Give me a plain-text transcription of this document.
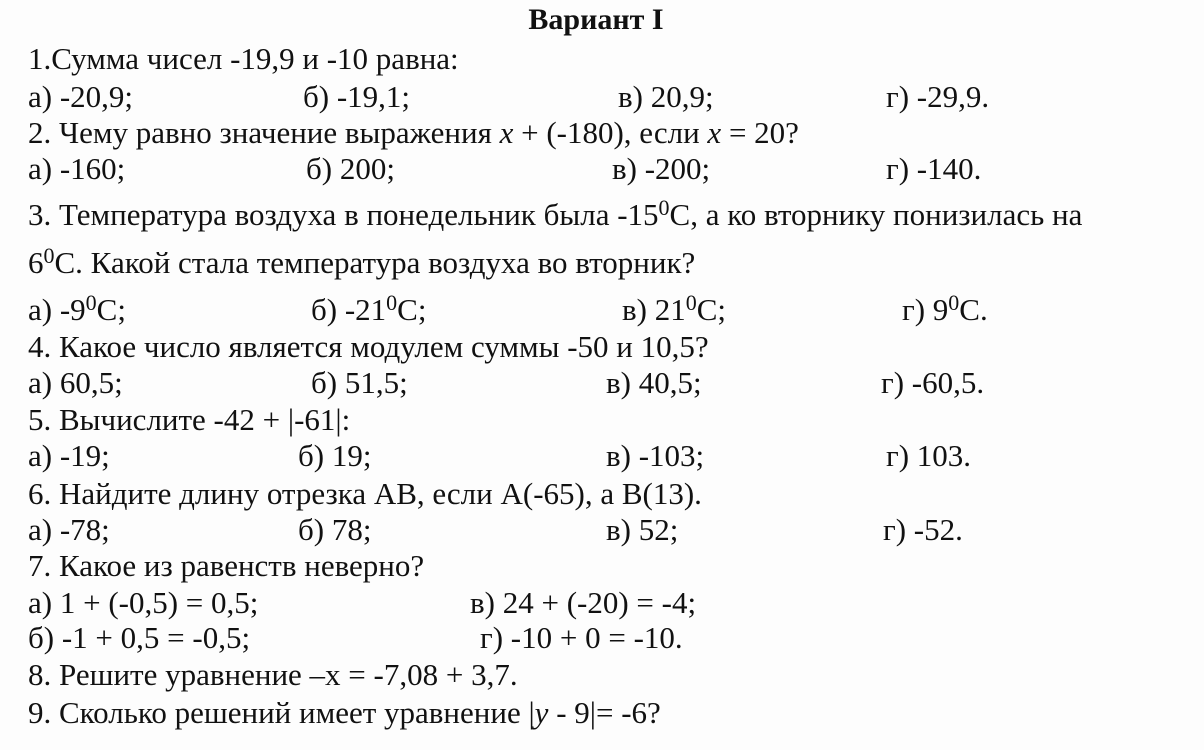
Вариант I
1.Сумма чисел -19,9 и -10 равна:
а) -20,9;	б) -19,1;	в) 20,9;	г) -29,9.
2. Чему равно значение выражения x + (-180), если x = 20?
а) -160;	б) 200;	в) -200;	г) -140.
3. Температура воздуха в понедельник была $-15^0С$, а ко вторнику понизилась на
$6^0С$. Какой стала температура воздуха во вторник?
а) $-9^0С$;	б) $-21^0С$;	в) $21^0С$;	г) $9^0С$.
4. Какое число является модулем суммы -50 и 10,5?
а) 60,5;	б) 51,5;	в) 40,5;	г) -60,5.
5. Вычислите -42 + |-61|:
а) -19;	б) 19;	в) -103;	г) 103.
6. Найдите длину отрезка АВ, если А(-65), а В(13).
а) -78;	б) 78;	в) 52;	г) -52.
7. Какое из равенств неверно?
а) 1 + (-0,5) = 0,5;	в) 24 + (-20) = -4;
б) -1 + 0,5 = -0,5;	г) -10 + 0 = -10.
8. Решите уравнение –х = -7,08 + 3,7.
9. Сколько решений имеет уравнение |y - 9|= -6?
